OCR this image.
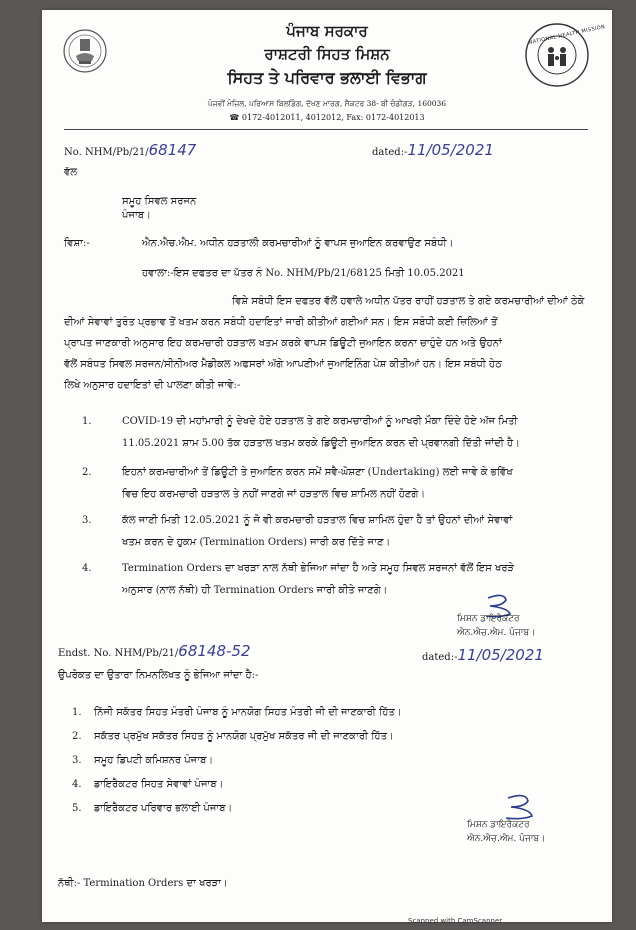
NATIONAL HEALTH MISSION
ਪੰਜਾਬ ਸਰਕਾਰ
ਰਾਸ਼ਟਰੀ ਸਿਹਤ ਮਿਸ਼ਨ
ਸਿਹਤ ਤੇ ਪਰਿਵਾਰ ਭਲਾਈ ਵਿਭਾਗ
ਪੰਜਵੀਂ ਮੰਜ਼ਿਲ, ਪਰਿਆਸ ਬਿਲਡਿੰਗ, ਦੱਖਣ ਮਾਰਗ, ਸੈਕਟਰ 38- ਬੀ ਚੰਡੀਗੜ, 160036
☎ 0172-4012011, 4012012, Fax: 0172-4012013
No. NHM/Pb/21/68147	dated:-11/05/2021
ਵੱਲ
ਸਮੂਹ ਸਿਵਲ ਸਰਜਨ
ਪੰਜਾਬ।
ਵਿਸ਼ਾ:-	ਐਨ.ਐਚ.ਐਮ. ਅਧੀਨ ਹੜਤਾਲੀ ਕਰਮਚਾਰੀਆਂ ਨੂੰ ਵਾਪਸ ਜੁਆਇਨ ਕਰਵਾਉਣ ਸਬੰਧੀ।
ਹਵਾਲਾ:-ਇਸ ਦਫਤਰ ਦਾ ਪੱਤਰ ਨੰ No. NHM/Pb/21/68125 ਮਿਤੀ 10.05.2021
ਵਿਸ਼ੇ ਸਬੰਧੀ ਇਸ ਦਫਤਰ ਵੱਲੋਂ ਹਵਾਲੇ ਅਧੀਨ ਪੱਤਰ ਰਾਹੀਂ ਹੜਤਾਲ ਤੇ ਗਏ ਕਰਮਚਾਰੀਆਂ ਦੀਆਂ ਠੇਕੇ
ਦੀਆਂ ਸੇਵਾਵਾਂ ਤੁਰੰਤ ਪ੍ਰਭਾਵ ਤੋਂ ਖਤਮ ਕਰਨ ਸਬੰਧੀ ਹਦਾਇਤਾਂ ਜਾਰੀ ਕੀਤੀਆਂ ਗਈਆਂ ਸਨ। ਇਸ ਸਬੰਧੀ ਕਈ ਜ਼ਿਲਿਆਂ ਤੋਂ
ਪ੍ਰਾਪਤ ਜਾਣਕਾਰੀ ਅਨੁਸਾਰ ਇਹ ਕਰਮਚਾਰੀ ਹੜਤਾਲ ਖਤਮ ਕਰਕੇ ਵਾਪਸ ਡਿਊਟੀ ਜੁਆਇਨ ਕਰਨਾ ਚਾਹੁੰਦੇ ਹਨ ਅਤੇ ਉਹਨਾਂ
ਵੱਲੋਂ ਸਬੰਧਤ ਸਿਵਲ ਸਰਜਨ/ਸੀਨੀਅਰ ਮੈਡੀਕਲ ਅਫਸਰਾਂ ਅੱਗੇ ਆਪਣੀਆਂ ਜੁਆਇਨਿੰਗ ਪੇਸ਼ ਕੀਤੀਆਂ ਹਨ। ਇਸ ਸਬੰਧੀ ਹੇਠ
ਲਿਖੇ ਅਨੁਸਾਰ ਹਦਾਇਤਾਂ ਦੀ ਪਾਲਣਾ ਕੀਤੀ ਜਾਵੇ:-
1.	COVID-19 ਦੀ ਮਹਾਂਮਾਰੀ ਨੂੰ ਦੇਖਦੇ ਹੋਏ ਹੜਤਾਲ ਤੇ ਗਏ ਕਰਮਚਾਰੀਆਂ ਨੂੰ ਆਖਰੀ ਮੌਕਾ ਦਿੰਦੇ ਹੋਏ ਅੱਜ ਮਿਤੀ
11.05.2021 ਸ਼ਾਮ 5.00 ਤੱਕ ਹੜਤਾਲ ਖਤਮ ਕਰਕੇ ਡਿਊਟੀ ਜੁਆਇਨ ਕਰਨ ਦੀ ਪ੍ਰਵਾਨਗੀ ਦਿੱਤੀ ਜਾਂਦੀ ਹੈ।
2.	ਇਹਨਾਂ ਕਰਮਚਾਰੀਆਂ ਤੋਂ ਡਿਊਟੀ ਤੇ ਜੁਆਇਨ ਕਰਨ ਸਮੇਂ ਸਵੈ-ਘੋਸ਼ਣਾ (Undertaking) ਲਈ ਜਾਵੇ ਕੇ ਭਵਿੱਖ
ਵਿਚ ਇਹ ਕਰਮਚਾਰੀ ਹੜਤਾਲ ਤੇ ਨਹੀਂ ਜਾਣਗੇ ਜਾਂ ਹੜਤਾਲ ਵਿਚ ਸ਼ਾਮਿਲ ਨਹੀਂ ਹੋਣਗੇ।
3.	ਕੱਲ ਜਾਣੀ ਮਿਤੀ 12.05.2021 ਨੂੰ ਜੋ ਵੀ ਕਰਮਚਾਰੀ ਹੜਤਾਲ ਵਿਚ ਸ਼ਾਮਿਲ ਹੁੰਦਾ ਹੈ ਤਾਂ ਉਹਨਾਂ ਦੀਆਂ ਸੇਵਾਵਾਂ
ਖਤਮ ਕਰਨ ਦੇ ਹੁਕਮ (Termination Orders) ਜਾਰੀ ਕਰ ਦਿੱਤੇ ਜਾਣ।
4.	Termination Orders ਦਾ ਖਰੜਾ ਨਾਲ ਨੱਥੀ ਭੇਜਿਆ ਜਾਂਦਾ ਹੈ ਅਤੇ ਸਮੂਹ ਸਿਵਲ ਸਰਜਨਾਂ ਵੱਲੋਂ ਇਸ ਖਰੜੇ
ਅਨੁਸਾਰ (ਨਾਲ ਨੱਥੀ) ਹੀ Termination Orders ਜਾਰੀ ਕੀਤੇ ਜਾਣਗੇ।
ਮਿਸ਼ਨ ਡਾਇਰੈਕਟਰ
ਐਨ.ਐਚ.ਐਮ. ਪੰਜਾਬ।
Endst. No. NHM/Pb/21/68148-52	dated:-11/05/2021
ਉਪਰੋਕਤ ਦਾ ਉਤਾਰਾ ਨਿਮਨਲਿਖਤ ਨੂੰ ਭੇਜਿਆ ਜਾਂਦਾ ਹੈ:-
1. ਨਿੱਜੀ ਸਕੱਤਰ ਸਿਹਤ ਮੰਤਰੀ ਪੰਜਾਬ ਨੂੰ ਮਾਨਯੋਗ ਸਿਹਤ ਮੰਤਰੀ ਜੀ ਦੀ ਜਾਣਕਾਰੀ ਹਿੱਤ।
2. ਸਕੱਤਰ ਪ੍ਰਮੁੱਖ ਸਕੱਤਰ ਸਿਹਤ ਨੂੰ ਮਾਨਯੋਗ ਪ੍ਰਮੁੱਖ ਸਕੱਤਰ ਜੀ ਦੀ ਜਾਣਕਾਰੀ ਹਿੱਤ।
3. ਸਮੂਹ ਡਿਪਟੀ ਕਮਿਸ਼ਨਰ ਪੰਜਾਬ।
4. ਡਾਇਰੈਕਟਰ ਸਿਹਤ ਸੇਵਾਵਾਂ ਪੰਜਾਬ।
5. ਡਾਇਰੈਕਟਰ ਪਰਿਵਾਰ ਭਲਾਈ ਪੰਜਾਬ।
ਮਿਸ਼ਨ ਡਾਇਰੈਕਟਰ
ਐਨ.ਐਚ.ਐਮ. ਪੰਜਾਬ।
ਨੱਥੀ:- Termination Orders ਦਾ ਖਰੜਾ।
Scanned with CamScanner
